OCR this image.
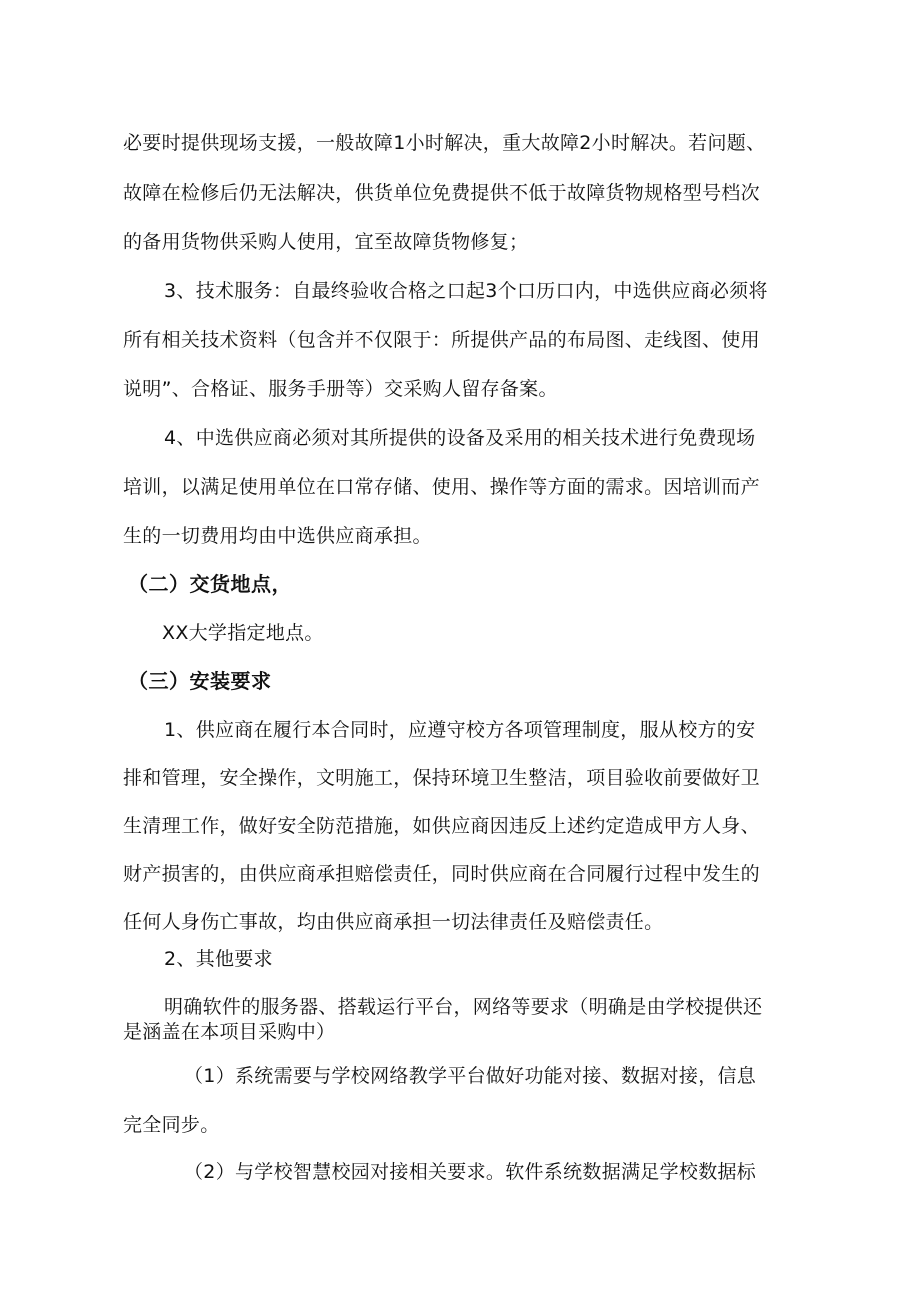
必要时提供现场支援，一般故障1小时解决，重大故障2小时解决。若问题、
故障在检修后仍无法解决，供货单位免费提供不低于故障货物规格型号档次
的备用货物供采购人使用，宜至故障货物修复；
3、技术服务：自最终验收合格之口起3个口历口内，中选供应商必须将
所有相关技术资料（包含并不仅限于：所提供产品的布局图、走线图、使用
说明”、合格证、服务手册等）交采购人留存备案。
4、中选供应商必须对其所提供的设备及采用的相关技术进行免费现场
培训，以满足使用单位在口常存储、使用、操作等方面的需求。因培训而产
生的一切费用均由中选供应商承担。
（二）交货地点，
XX大学指定地点。
（三）安装要求
1、供应商在履行本合同时，应遵守校方各项管理制度，服从校方的安
排和管理，安全操作，文明施工，保持环境卫生整洁，项目验收前要做好卫
生清理工作，做好安全防范措施，如供应商因违反上述约定造成甲方人身、
财产损害的，由供应商承担赔偿责任，同时供应商在合同履行过程中发生的
任何人身伤亡事故，均由供应商承担一切法律责任及赔偿责任。
2、其他要求
明确软件的服务器、搭载运行平台，网络等要求（明确是由学校提供还
是涵盖在本项目采购中）
（1）系统需要与学校网络教学平台做好功能对接、数据对接，信息
完全同步。
（2）与学校智慧校园对接相关要求。软件系统数据满足学校数据标
